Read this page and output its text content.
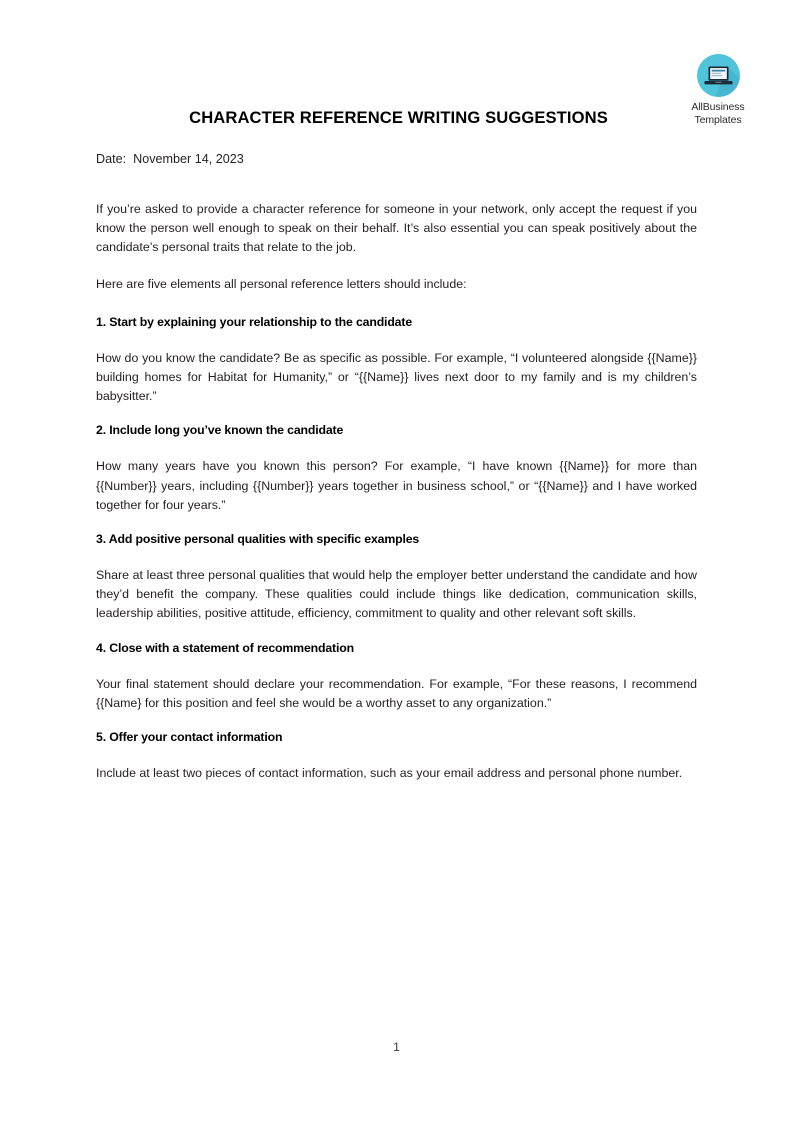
AllBusiness
Templates
CHARACTER REFERENCE WRITING SUGGESTIONS
Date:  November 14, 2023

If you’re asked to provide a character reference for someone in your network, only accept the request if you know the person well enough to speak on their behalf. It’s also essential you can speak positively about the candidate’s personal traits that relate to the job.

Here are five elements all personal reference letters should include:

1. Start by explaining your relationship to the candidate

How do you know the candidate? Be as specific as possible. For example, “I volunteered alongside {{Name}} building homes for Habitat for Humanity,” or “{{Name}} lives next door to my family and is my children’s babysitter.”

2. Include long you’ve known the candidate

How many years have you known this person? For example, “I have known {{Name}} for more than {{Number}} years, including {{Number}} years together in business school,” or “{{Name}} and I have worked together for four years.”

3. Add positive personal qualities with specific examples

Share at least three personal qualities that would help the employer better understand the candidate and how they’d benefit the company. These qualities could include things like dedication, communication skills, leadership abilities, positive attitude, efficiency, commitment to quality and other relevant soft skills.

4. Close with a statement of recommendation

Your final statement should declare your recommendation. For example, “For these reasons, I recommend {{Name} for this position and feel she would be a worthy asset to any organization.”

5. Offer your contact information

Include at least two pieces of contact information, such as your email address and personal phone number.

1
